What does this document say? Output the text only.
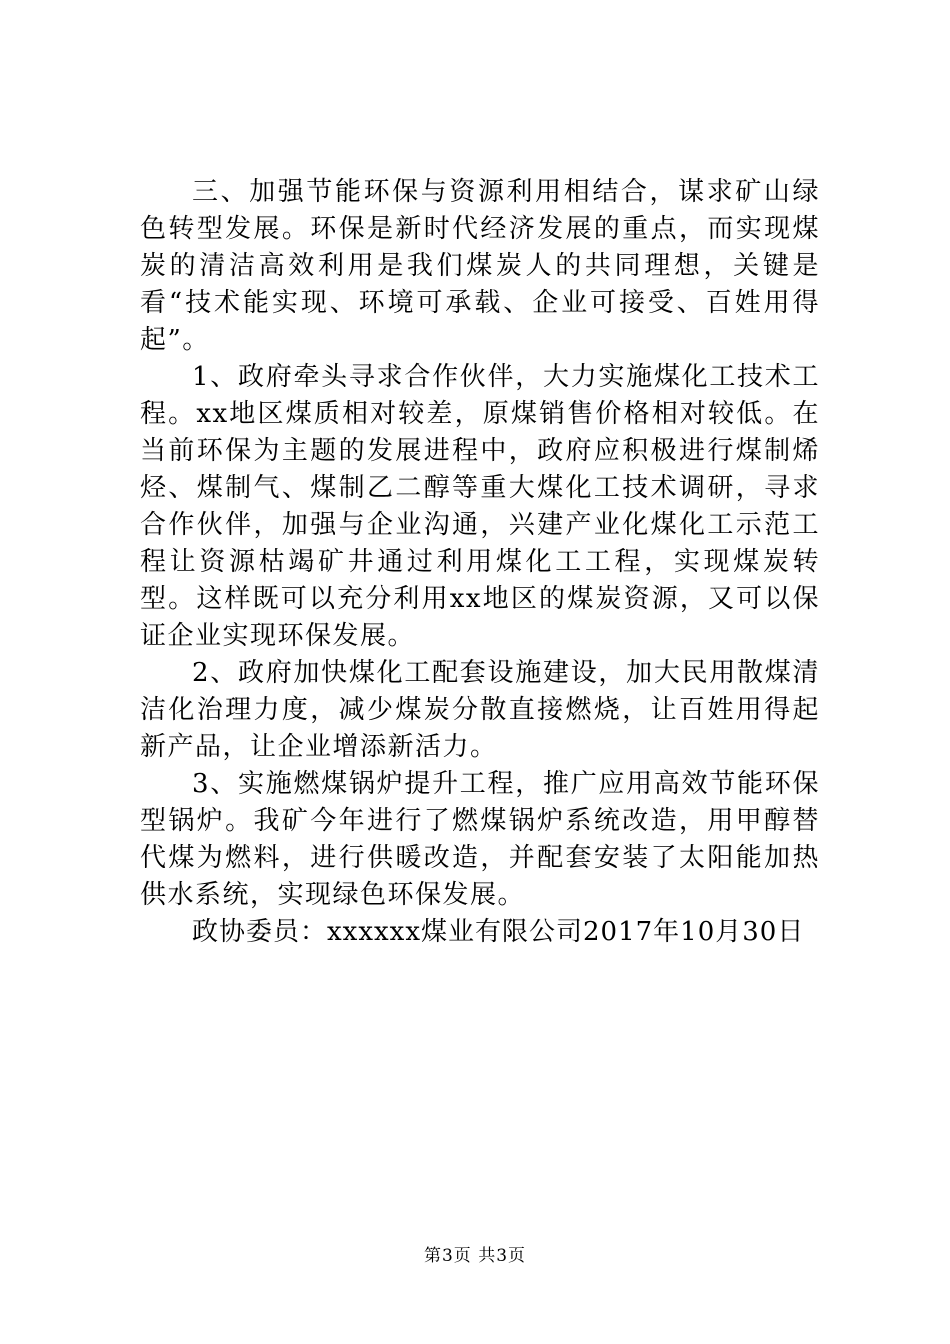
三、加强节能环保与资源利用相结合，谋求矿山绿色转型发展。环保是新时代经济发展的重点，而实现煤炭的清洁高效利用是我们煤炭人的共同理想，关键是看“技术能实现、环境可承载、企业可接受、百姓用得起”。

1、政府牵头寻求合作伙伴，大力实施煤化工技术工程。xx地区煤质相对较差，原煤销售价格相对较低。在当前环保为主题的发展进程中，政府应积极进行煤制烯烃、煤制气、煤制乙二醇等重大煤化工技术调研，寻求合作伙伴，加强与企业沟通，兴建产业化煤化工示范工程让资源枯竭矿井通过利用煤化工工程，实现煤炭转型。这样既可以充分利用xx地区的煤炭资源，又可以保证企业实现环保发展。

2、政府加快煤化工配套设施建设，加大民用散煤清洁化治理力度，减少煤炭分散直接燃烧，让百姓用得起新产品，让企业增添新活力。

3、实施燃煤锅炉提升工程，推广应用高效节能环保型锅炉。我矿今年进行了燃煤锅炉系统改造，用甲醇替代煤为燃料，进行供暖改造，并配套安装了太阳能加热供水系统，实现绿色环保发展。

政协委员：xxxxxx煤业有限公司2017年10月30日

第3页 共3页
